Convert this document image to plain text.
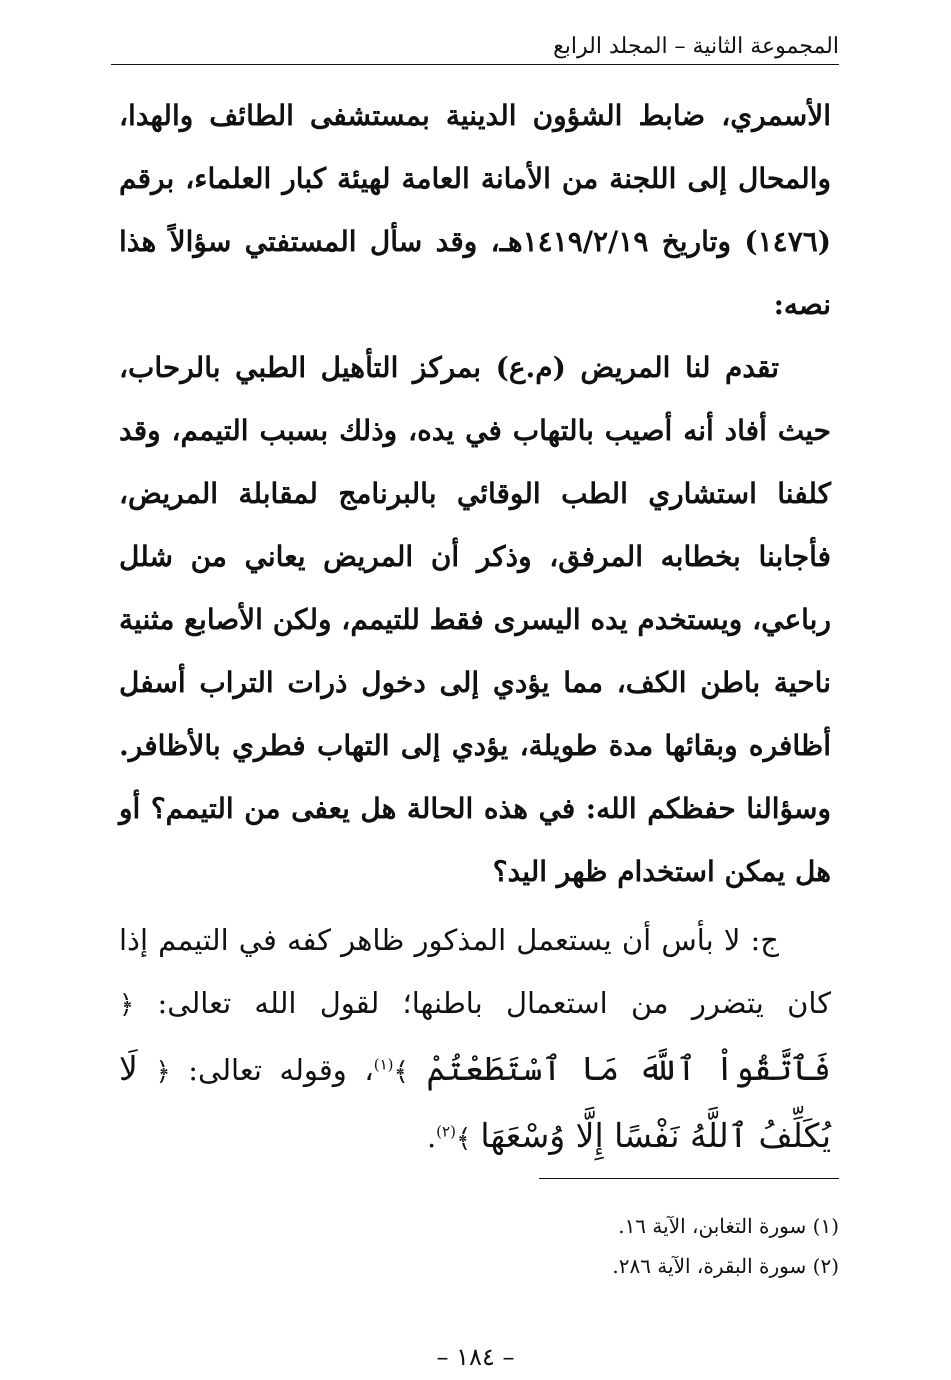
المجموعة الثانية – المجلد الرابع

الأسمري، ضابط الشؤون الدينية بمستشفى الطائف والهدا، والمحال إلى اللجنة من الأمانة العامة لهيئة كبار العلماء، برقم (١٤٧٦) وتاريخ ١٤١٩/٢/١٩هـ، وقد سأل المستفتي سؤالاً هذا نصه:

تقدم لنا المريض (م.ع) بمركز التأهيل الطبي بالرحاب، حيث أفاد أنه أصيب بالتهاب في يده، وذلك بسبب التيمم، وقد كلفنا استشاري الطب الوقائي بالبرنامج لمقابلة المريض، فأجابنا بخطابه المرفق، وذكر أن المريض يعاني من شلل رباعي، ويستخدم يده اليسرى فقط للتيمم، ولكن الأصابع مثنية ناحية باطن الكف، مما يؤدي إلى دخول ذرات التراب أسفل أظافره وبقائها مدة طويلة، يؤدي إلى التهاب فطري بالأظافر. وسؤالنا حفظكم الله: في هذه الحالة هل يعفى من التيمم؟ أو هل يمكن استخدام ظهر اليد؟

ج: لا بأس أن يستعمل المذكور ظاهر كفه في التيمم إذا كان يتضرر من استعمال باطنها؛ لقول الله تعالى: ﴿ فَٱتَّقُواْ ٱللَّهَ مَا ٱسْتَطَعْتُمْ ﴾$^{(١)}$، وقوله تعالى: ﴿ لَا يُكَلِّفُ ٱللَّهُ نَفْسًا إِلَّا وُسْعَهَا ﴾$^{(٢)}$.

(١) سورة التغابن، الآية ١٦.

(٢) سورة البقرة، الآية ٢٨٦.

– ١٨٤ –
